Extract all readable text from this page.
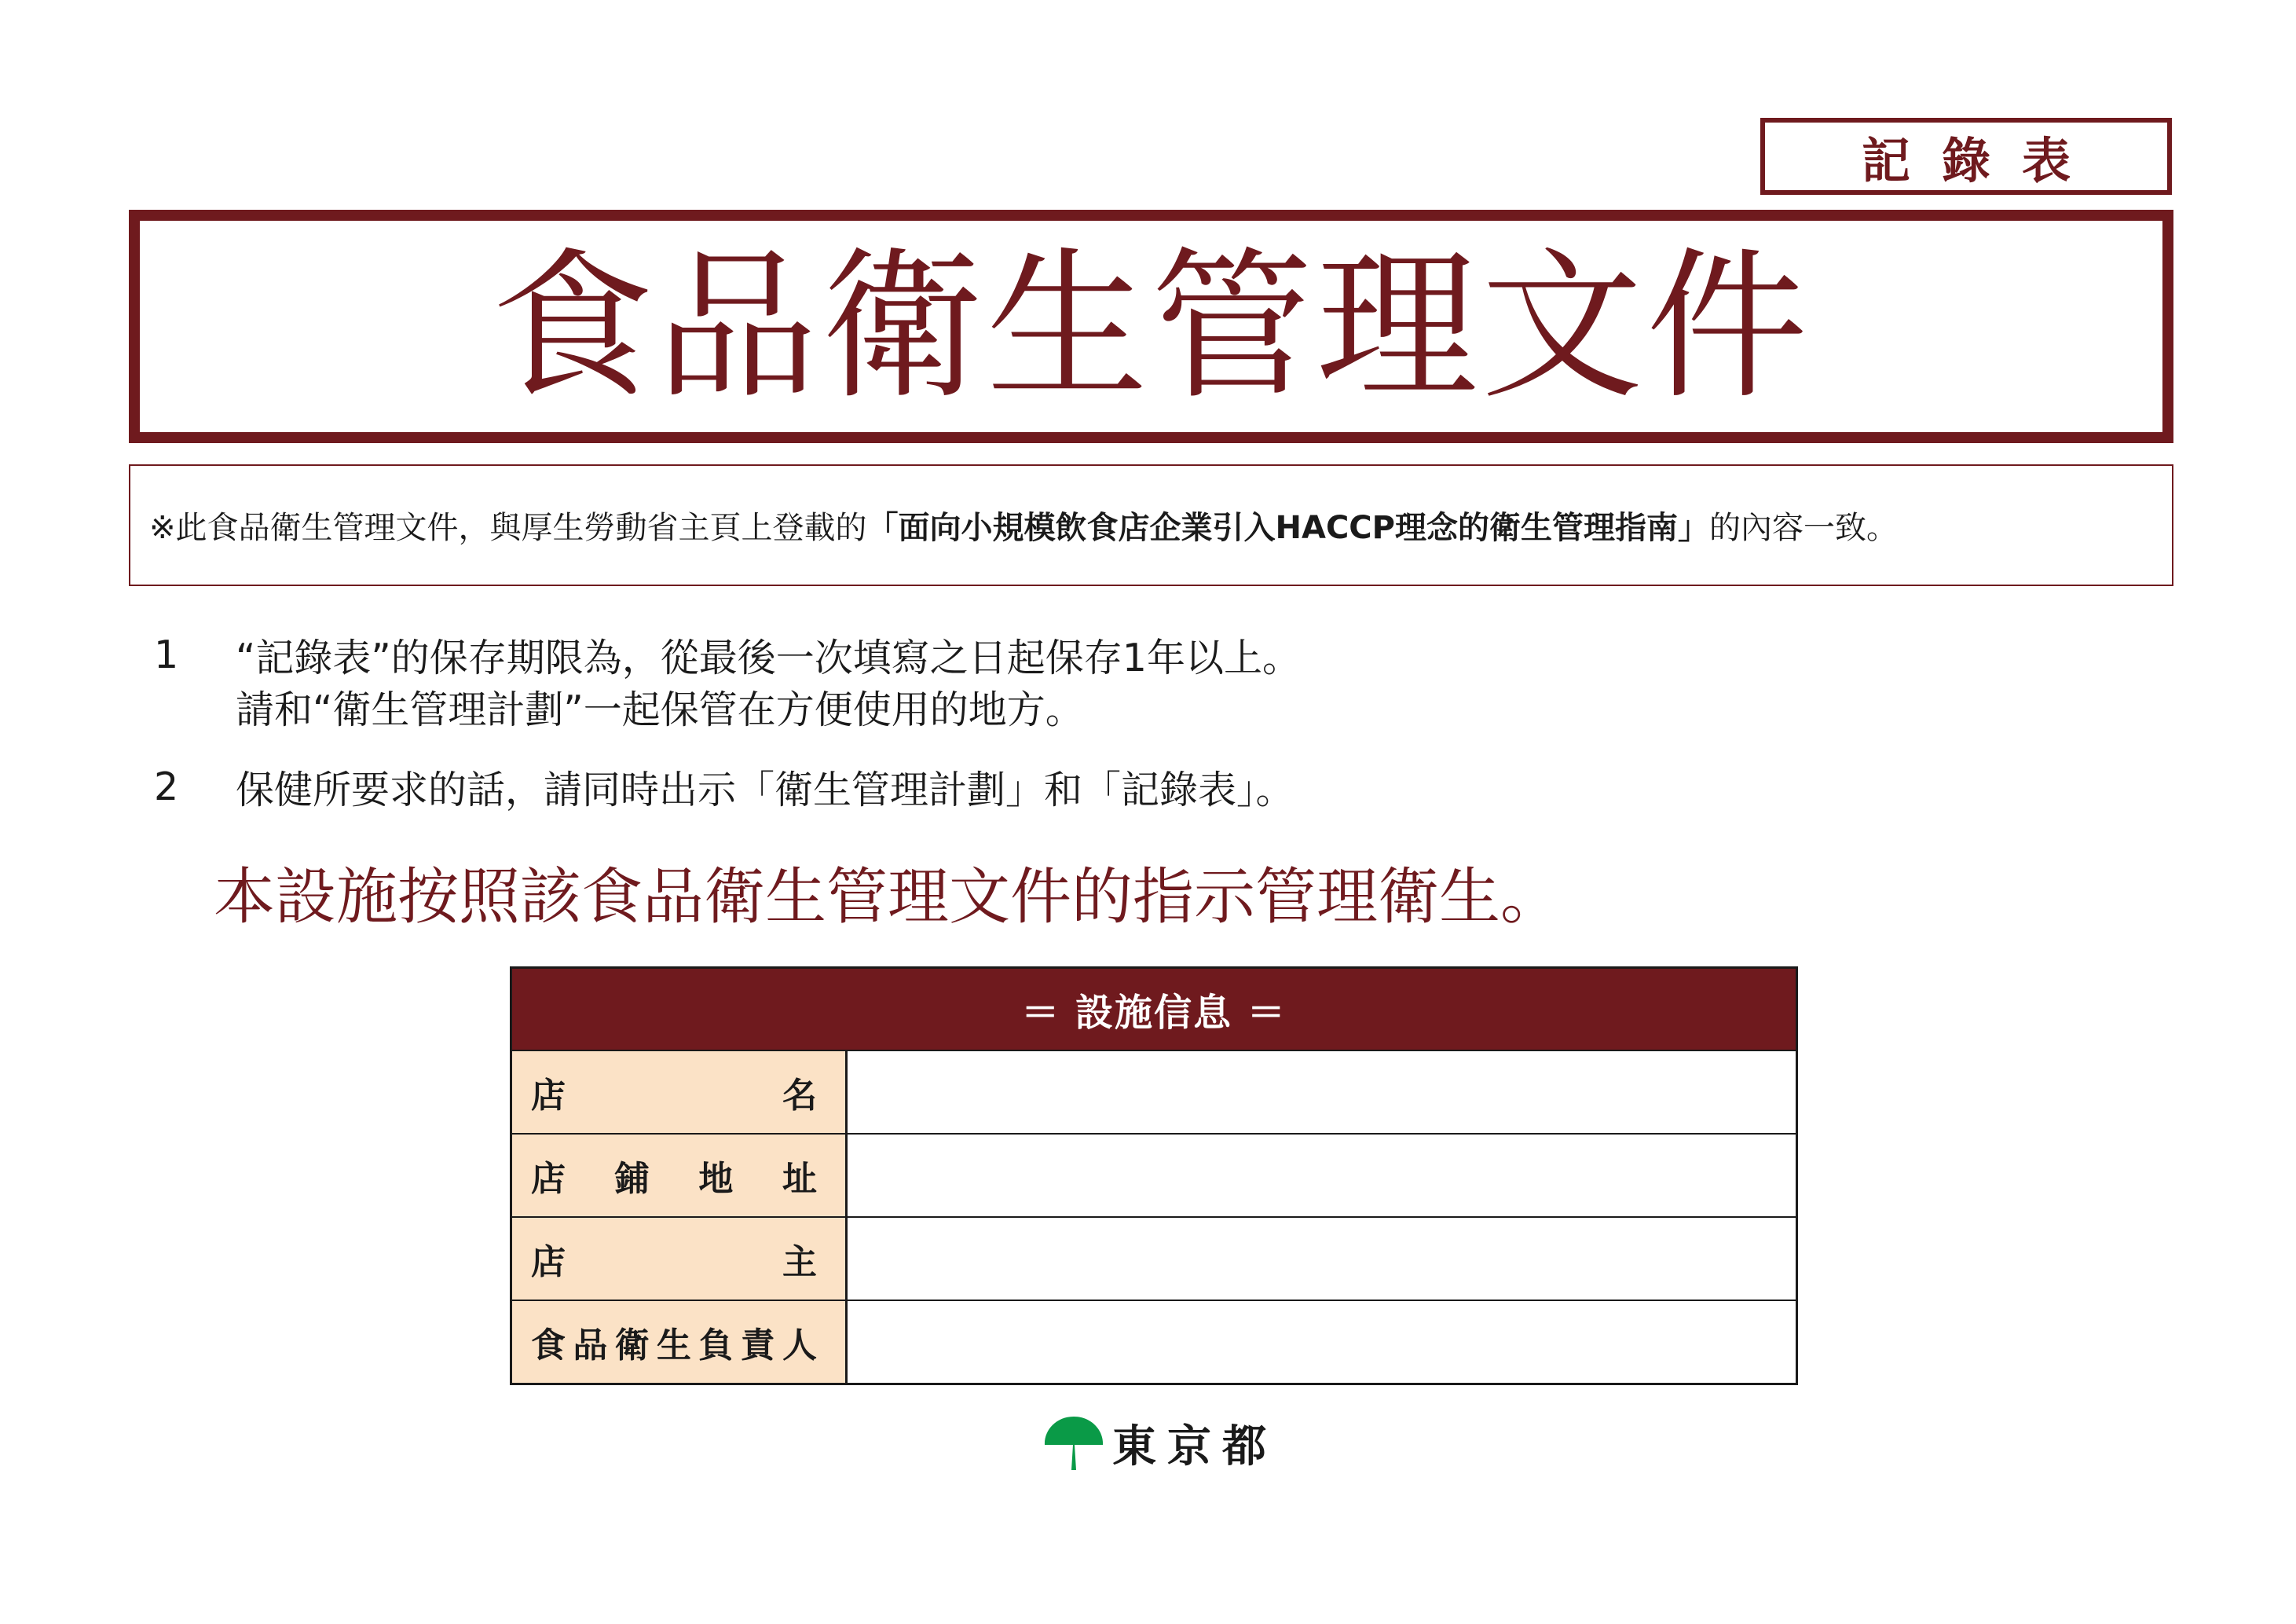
記錄表
食品衛生管理文件
※此食品衛生管理文件，與厚生勞動省主頁上登載的 「面向小規模飲食店企業引入HACCP理念的衛生管理指南」 的內容一致。
1	“記錄表”的保存期限為，從最後一次填寫之日起保存1年以上。
請和“衛生管理計劃”一起保管在方便使用的地方。
2	保健所要求的話，請同時出示「衛生管理計劃」和「記錄表」。
本設施按照該食品衛生管理文件的指示管理衛生。
＝ 設施信息 ＝
店	名
店 鋪 地 址
店	主
食 品 衛 生 負 責 人
東京都
